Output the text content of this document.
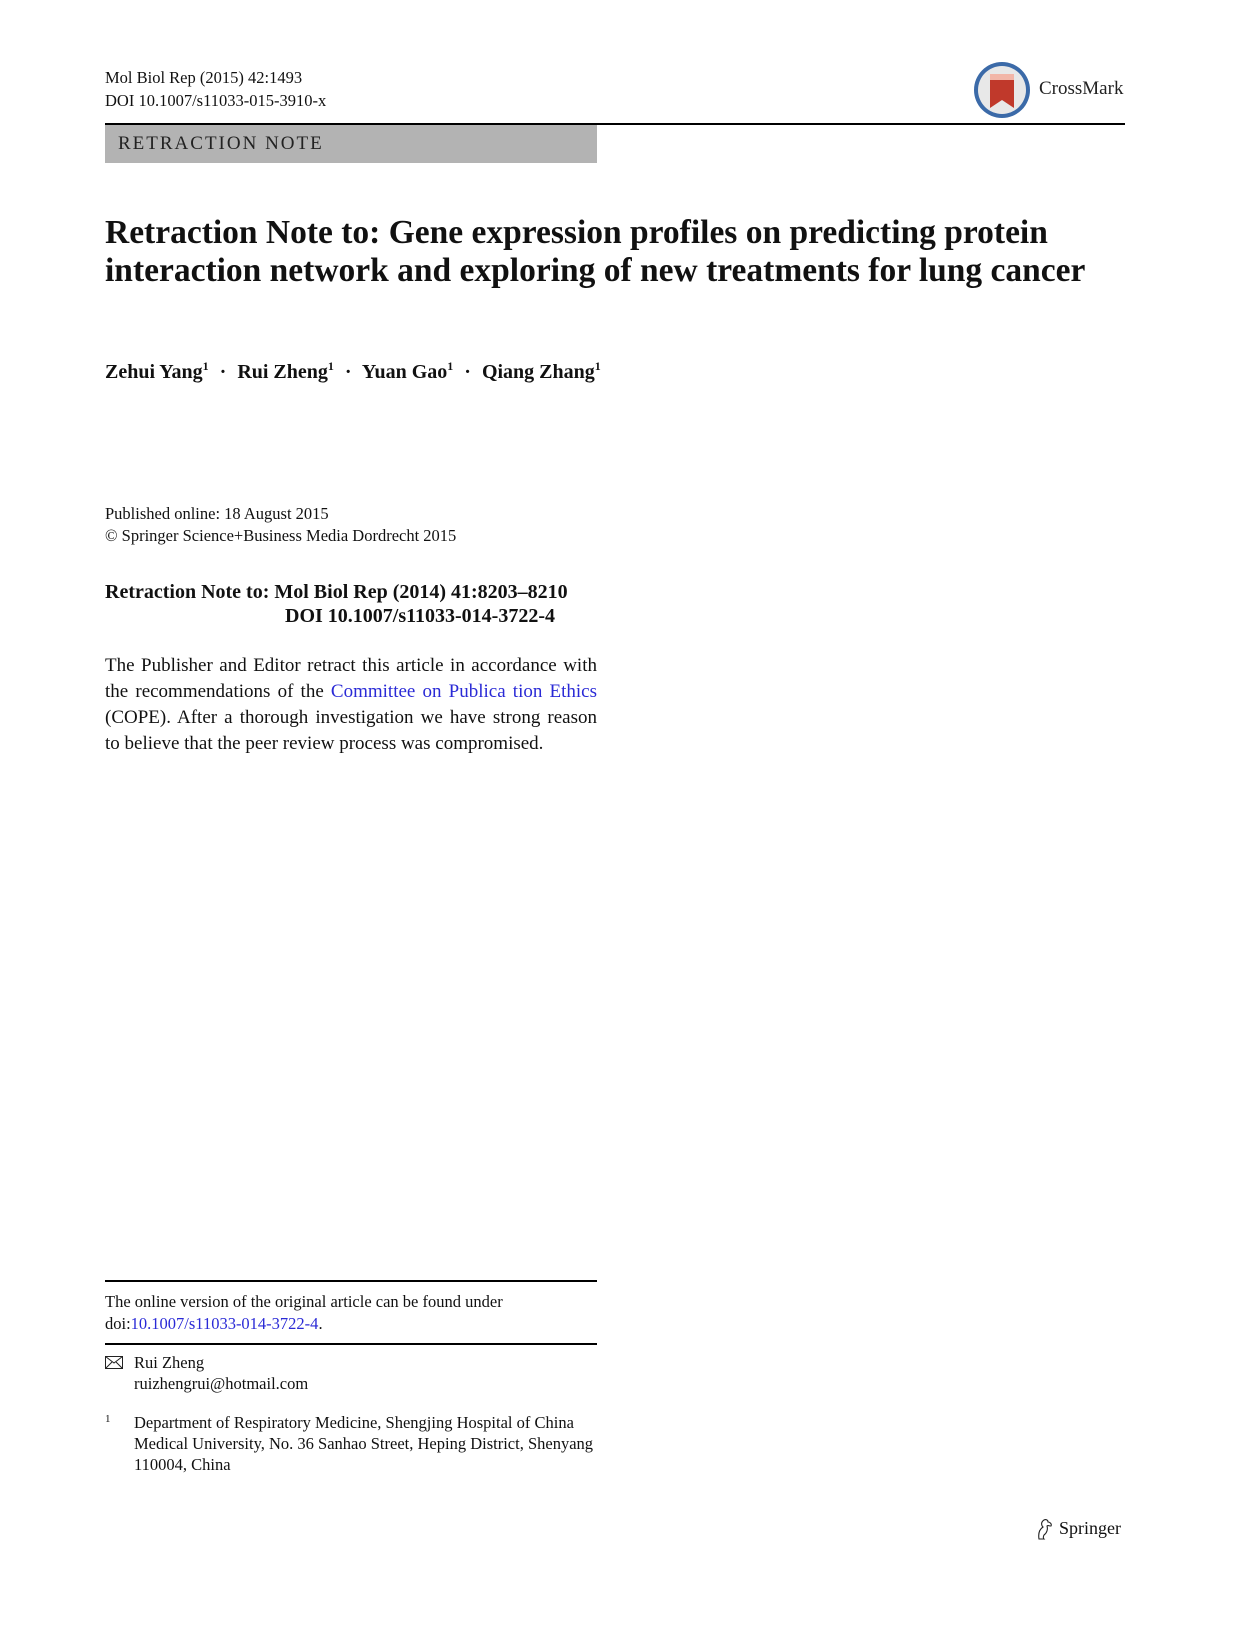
Mol Biol Rep (2015) 42:1493
DOI 10.1007/s11033-015-3910-x
CrossMark
RETRACTION NOTE
Retraction Note to: Gene expression profiles on predicting protein interaction network and exploring of new treatments for lung cancer
Zehui Yang$^1$ · Rui Zheng$^1$ · Yuan Gao$^1$ · Qiang Zhang$^1$
Published online: 18 August 2015
© Springer Science+Business Media Dordrecht 2015
Retraction Note to: Mol Biol Rep (2014) 41:8203–8210
DOI 10.1007/s11033-014-3722-4
The Publisher and Editor retract this article in accordance with the recommendations of the Committee on Publica tion Ethics (COPE). After a thorough investigation we have strong reason to believe that the peer review process was compromised.
The online version of the original article can be found under
doi:10.1007/s11033-014-3722-4.
Rui Zheng
ruizhengrui@hotmail.com
1 Department of Respiratory Medicine, Shengjing Hospital of China Medical University, No. 36 Sanhao Street, Heping District, Shenyang 110004, China
Springer
